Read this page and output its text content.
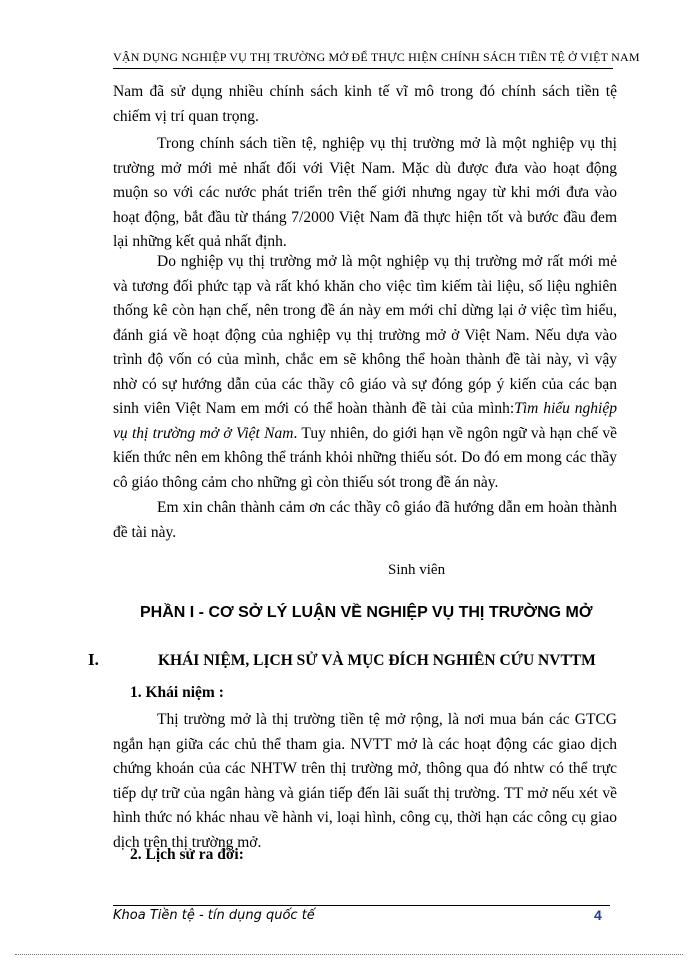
VẬN DỤNG NGHIỆP VỤ THỊ TRƯỜNG MỞ ĐỂ THỰC HIỆN CHÍNH SÁCH TIỀN TỆ Ở VIỆT NAM

Nam đã sử dụng nhiều chính sách kinh tế vĩ mô trong đó chính sách tiền tệ chiếm vị trí quan trọng.

Trong chính sách tiền tệ, nghiệp vụ thị trường mở là một nghiệp vụ thị trường mở mới mẻ nhất đối với Việt Nam. Mặc dù được đưa vào hoạt động muộn so với các nước phát triển trên thế giới nhưng ngay từ khi mới đưa vào hoạt động, bắt đầu từ tháng 7/2000 Việt Nam đã thực hiện tốt và bước đầu đem lại những kết quả nhất định.

Do nghiệp vụ thị trường mở là một nghiệp vụ thị trường mở rất mới mẻ và tương đối phức tạp và rất khó khăn cho việc tìm kiếm tài liệu, số liệu nghiên thống kê còn hạn chế, nên trong đề án này em mới chỉ dừng lại ở việc tìm hiểu, đánh giá về hoạt động của nghiệp vụ thị trường mở ở Việt Nam. Nếu dựa vào trình độ vốn có của mình, chắc em sẽ không thể hoàn thành đề tài này, vì vậy nhờ có sự hướng dẫn của các thầy cô giáo và sự đóng góp ý kiến của các bạn sinh viên Việt Nam em mới có thể hoàn thành đề tài của mình:Tìm hiểu nghiệp vụ thị trường mở ở Việt Nam. Tuy nhiên, do giới hạn về ngôn ngữ và hạn chế về kiến thức nên em không thể tránh khỏi những thiếu sót. Do đó em mong các thầy cô giáo thông cảm cho những gì còn thiếu sót trong đề án này.

Em xin chân thành cảm ơn các thầy cô giáo đã hướng dẫn em hoàn thành đề tài này.

Sinh viên
PHẦN I - CƠ SỞ LÝ LUẬN VỀ NGHIỆP VỤ THỊ TRƯỜNG MỞ
I.	KHÁI NIỆM, LỊCH SỬ VÀ MỤC ĐÍCH NGHIÊN CỨU NVTTM
1. Khái niệm :

Thị trường mở là thị trường tiền tệ mở rộng, là nơi mua bán các GTCG ngắn hạn giữa các chủ thể tham gia. NVTT mở là các hoạt động các giao dịch chứng khoán của các NHTW trên thị trường mở, thông qua đó nhtw có thể trực tiếp dự trữ của ngân hàng và gián tiếp đến lãi suất thị trường. TT mở nếu xét về hình thức nó khác nhau về hành vi, loại hình, công cụ, thời hạn các công cụ giao dịch trên thị trường mở.

2. Lịch sử ra đời:
Khoa Tiền tệ - tín dụng quốc tế	4
